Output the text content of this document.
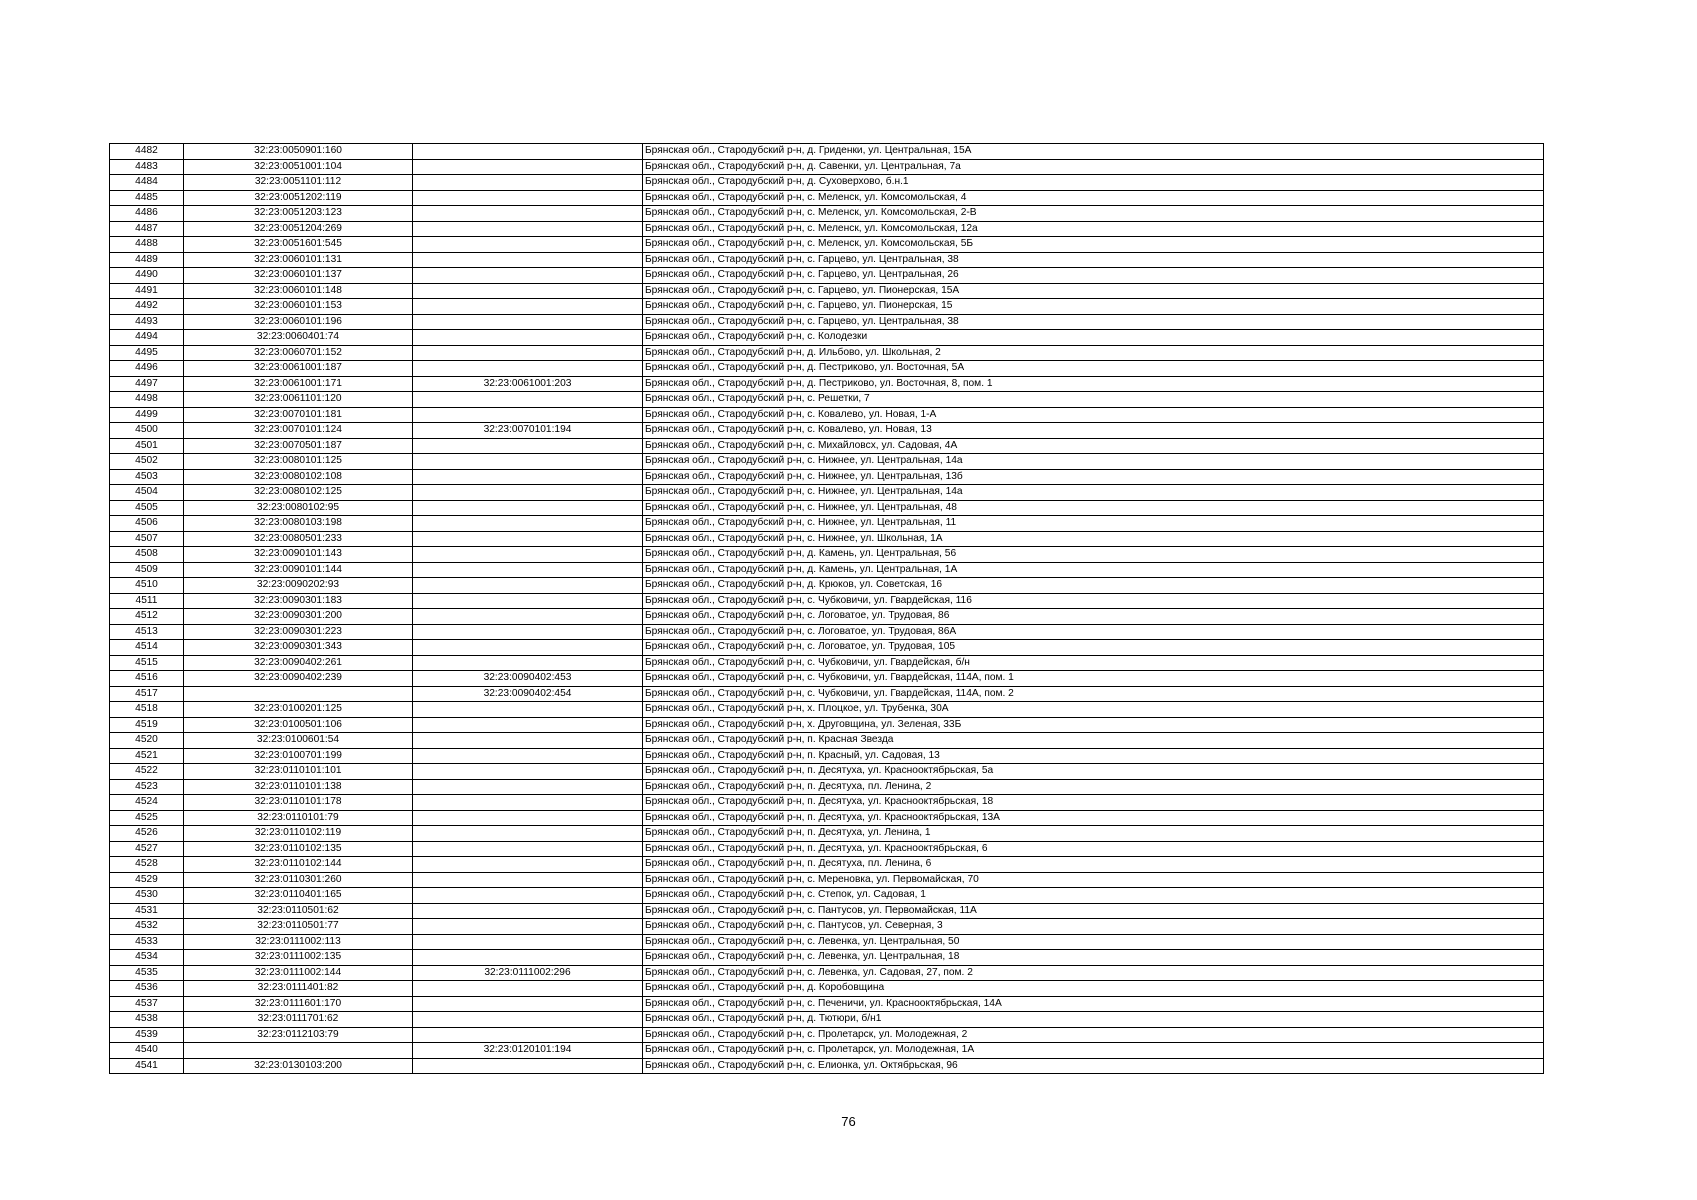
4482	32:23:0050901:160		Брянская обл., Стародубский р-н, д. Гриденки, ул. Центральная, 15А
4483	32:23:0051001:104		Брянская обл., Стародубский р-н, д. Савенки, ул. Центральная, 7а
4484	32:23:0051101:112		Брянская обл., Стародубский р-н, д. Суховерхово, б.н.1
4485	32:23:0051202:119		Брянская обл., Стародубский р-н, с. Меленск, ул. Комсомольская, 4
4486	32:23:0051203:123		Брянская обл., Стародубский р-н, с. Меленск, ул. Комсомольская, 2-В
4487	32:23:0051204:269		Брянская обл., Стародубский р-н, с. Меленск, ул. Комсомольская, 12а
4488	32:23:0051601:545		Брянская обл., Стародубский р-н, с. Меленск, ул. Комсомольская, 5Б
4489	32:23:0060101:131		Брянская обл., Стародубский р-н, с. Гарцево, ул. Центральная, 38
4490	32:23:0060101:137		Брянская обл., Стародубский р-н, с. Гарцево, ул. Центральная, 26
4491	32:23:0060101:148		Брянская обл., Стародубский р-н, с. Гарцево, ул. Пионерская, 15А
4492	32:23:0060101:153		Брянская обл., Стародубский р-н, с. Гарцево, ул. Пионерская, 15
4493	32:23:0060101:196		Брянская обл., Стародубский р-н, с. Гарцево, ул. Центральная, 38
4494	32:23:0060401:74		Брянская обл., Стародубский р-н, с. Колодезки
4495	32:23:0060701:152		Брянская обл., Стародубский р-н, д. Ильбово, ул. Школьная, 2
4496	32:23:0061001:187		Брянская обл., Стародубский р-н, д. Пестриково, ул. Восточная, 5А
4497	32:23:0061001:171	32:23:0061001:203	Брянская обл., Стародубский р-н, д. Пестриково, ул. Восточная, 8, пом. 1
4498	32:23:0061101:120		Брянская обл., Стародубский р-н, с. Решетки, 7
4499	32:23:0070101:181		Брянская обл., Стародубский р-н, с. Ковалево, ул. Новая, 1-А
4500	32:23:0070101:124	32:23:0070101:194	Брянская обл., Стародубский р-н, с. Ковалево, ул. Новая, 13
4501	32:23:0070501:187		Брянская обл., Стародубский р-н, с. Михайловсх, ул. Садовая, 4А
4502	32:23:0080101:125		Брянская обл., Стародубский р-н, с. Нижнее, ул. Центральная, 14а
4503	32:23:0080102:108		Брянская обл., Стародубский р-н, с. Нижнее, ул. Центральная, 13б
4504	32:23:0080102:125		Брянская обл., Стародубский р-н, с. Нижнее, ул. Центральная, 14а
4505	32:23:0080102:95		Брянская обл., Стародубский р-н, с. Нижнее, ул. Центральная, 48
4506	32:23:0080103:198		Брянская обл., Стародубский р-н, с. Нижнее, ул. Центральная, 11
4507	32:23:0080501:233		Брянская обл., Стародубский р-н, с. Нижнее, ул. Школьная, 1А
4508	32:23:0090101:143		Брянская обл., Стародубский р-н, д. Камень, ул. Центральная, 56
4509	32:23:0090101:144		Брянская обл., Стародубский р-н, д. Камень, ул. Центральная, 1А
4510	32:23:0090202:93		Брянская обл., Стародубский р-н, д. Крюков, ул. Советская, 16
4511	32:23:0090301:183		Брянская обл., Стародубский р-н, с. Чубковичи, ул. Гвардейская, 116
4512	32:23:0090301:200		Брянская обл., Стародубский р-н, с. Логоватое, ул. Трудовая, 86
4513	32:23:0090301:223		Брянская обл., Стародубский р-н, с. Логоватое, ул. Трудовая, 86А
4514	32:23:0090301:343		Брянская обл., Стародубский р-н, с. Логоватое, ул. Трудовая, 105
4515	32:23:0090402:261		Брянская обл., Стародубский р-н, с. Чубковичи, ул. Гвардейская, б/н
4516	32:23:0090402:239	32:23:0090402:453	Брянская обл., Стародубский р-н, с. Чубковичи, ул. Гвардейская, 114А, пом. 1
4517		32:23:0090402:454	Брянская обл., Стародубский р-н, с. Чубковичи, ул. Гвардейская, 114А, пом. 2
4518	32:23:0100201:125		Брянская обл., Стародубский р-н, х. Плоцкое, ул. Трубенка, 30А
4519	32:23:0100501:106		Брянская обл., Стародубский р-н, х. Друговщина, ул. Зеленая, 33Б
4520	32:23:0100601:54		Брянская обл., Стародубский р-н, п. Красная Звезда
4521	32:23:0100701:199		Брянская обл., Стародубский р-н, п. Красный, ул. Садовая, 13
4522	32:23:0110101:101		Брянская обл., Стародубский р-н, п. Десятуха, ул. Краснооктябрьская, 5а
4523	32:23:0110101:138		Брянская обл., Стародубский р-н, п. Десятуха, пл. Ленина, 2
4524	32:23:0110101:178		Брянская обл., Стародубский р-н, п. Десятуха, ул. Краснооктябрьская, 18
4525	32:23:0110101:79		Брянская обл., Стародубский р-н, п. Десятуха, ул. Краснооктябрьская, 13А
4526	32:23:0110102:119		Брянская обл., Стародубский р-н, п. Десятуха, ул. Ленина, 1
4527	32:23:0110102:135		Брянская обл., Стародубский р-н, п. Десятуха, ул. Краснооктябрьская, 6
4528	32:23:0110102:144		Брянская обл., Стародубский р-н, п. Десятуха, пл. Ленина, 6
4529	32:23:0110301:260		Брянская обл., Стародубский р-н, с. Мереновка, ул. Первомайская, 70
4530	32:23:0110401:165		Брянская обл., Стародубский р-н, с. Степок, ул. Садовая, 1
4531	32:23:0110501:62		Брянская обл., Стародубский р-н, с. Пантусов, ул. Первомайская, 11А
4532	32:23:0110501:77		Брянская обл., Стародубский р-н, с. Пантусов, ул. Северная, 3
4533	32:23:0111002:113		Брянская обл., Стародубский р-н, с. Левенка, ул. Центральная, 50
4534	32:23:0111002:135		Брянская обл., Стародубский р-н, с. Левенка, ул. Центральная, 18
4535	32:23:0111002:144	32:23:0111002:296	Брянская обл., Стародубский р-н, с. Левенка, ул. Садовая, 27, пом. 2
4536	32:23:0111401:82		Брянская обл., Стародубский р-н, д. Коробовщина
4537	32:23:0111601:170		Брянская обл., Стародубский р-н, с. Печеничи, ул. Краснооктябрьская, 14А
4538	32:23:0111701:62		Брянская обл., Стародубский р-н, д. Тютюри, б/н1
4539	32:23:0112103:79		Брянская обл., Стародубский р-н, с. Пролетарск, ул. Молодежная, 2
4540		32:23:0120101:194	Брянская обл., Стародубский р-н, с. Пролетарск, ул. Молодежная, 1А
4541	32:23:0130103:200		Брянская обл., Стародубский р-н, с. Елионка, ул. Октябрьская, 96
76
